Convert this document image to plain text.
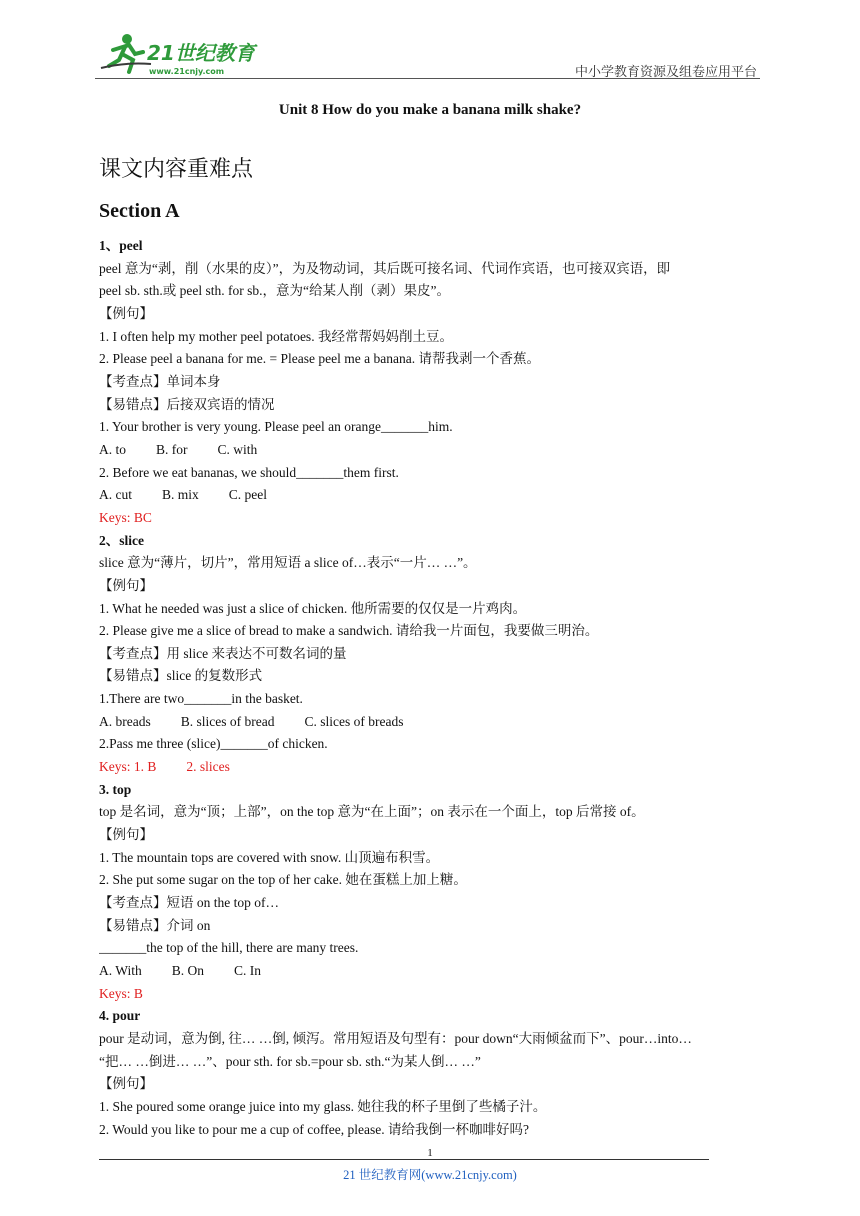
21世纪教育
www.21cnjy.com	中小学教育资源及组卷应用平台
Unit 8 How do you make a banana milk shake?
课文内容重难点
Section A
1、peel
peel 意为“剥，削（水果的皮）”，为及物动词，其后既可接名词、代词作宾语，也可接双宾语，即
peel sb. sth.或 peel sth. for sb.，意为“给某人削（剥）果皮”。
【例句】
1. I often help my mother peel potatoes. 我经常帮妈妈削土豆。
2. Please peel a banana for me. = Please peel me a banana. 请帮我剥一个香蕉。
【考查点】单词本身
【易错点】后接双宾语的情况
1. Your brother is very young. Please peel an orange_______him.
A. to B. for C. with
2. Before we eat bananas, we should_______them first.
A. cut B. mix C. peel
Keys: BC
2、slice
slice 意为“薄片，切片”，常用短语 a slice of…表示“一片… …”。
【例句】
1. What he needed was just a slice of chicken. 他所需要的仅仅是一片鸡肉。
2. Please give me a slice of bread to make a sandwich. 请给我一片面包，我要做三明治。
【考查点】用 slice 来表达不可数名词的量
【易错点】slice 的复数形式
1.There are two_______in the basket.
A. breads B. slices of bread C. slices of breads
2.Pass me three (slice)_______of chicken.
Keys: 1. B 2. slices
3. top
top 是名词，意为“顶；上部”，on the top 意为“在上面”；on 表示在一个面上，top 后常接 of。
【例句】
1. The mountain tops are covered with snow. 山顶遍布积雪。
2. She put some sugar on the top of her cake. 她在蛋糕上加上糖。
【考查点】短语 on the top of…
【易错点】介词 on
_______the top of the hill, there are many trees.
A. With B. On C. In
Keys: B
4. pour
pour 是动词，意为倒, 往… …倒, 倾泻。常用短语及句型有：pour down“大雨倾盆而下”、pour…into…
“把… …倒进… …”、pour sth. for sb.=pour sb. sth.“为某人倒… …”
【例句】
1. She poured some orange juice into my glass. 她往我的杯子里倒了些橘子汁。
2. Would you like to pour me a cup of coffee, please. 请给我倒一杯咖啡好吗?
1
21 世纪教育网(www.21cnjy.com)
